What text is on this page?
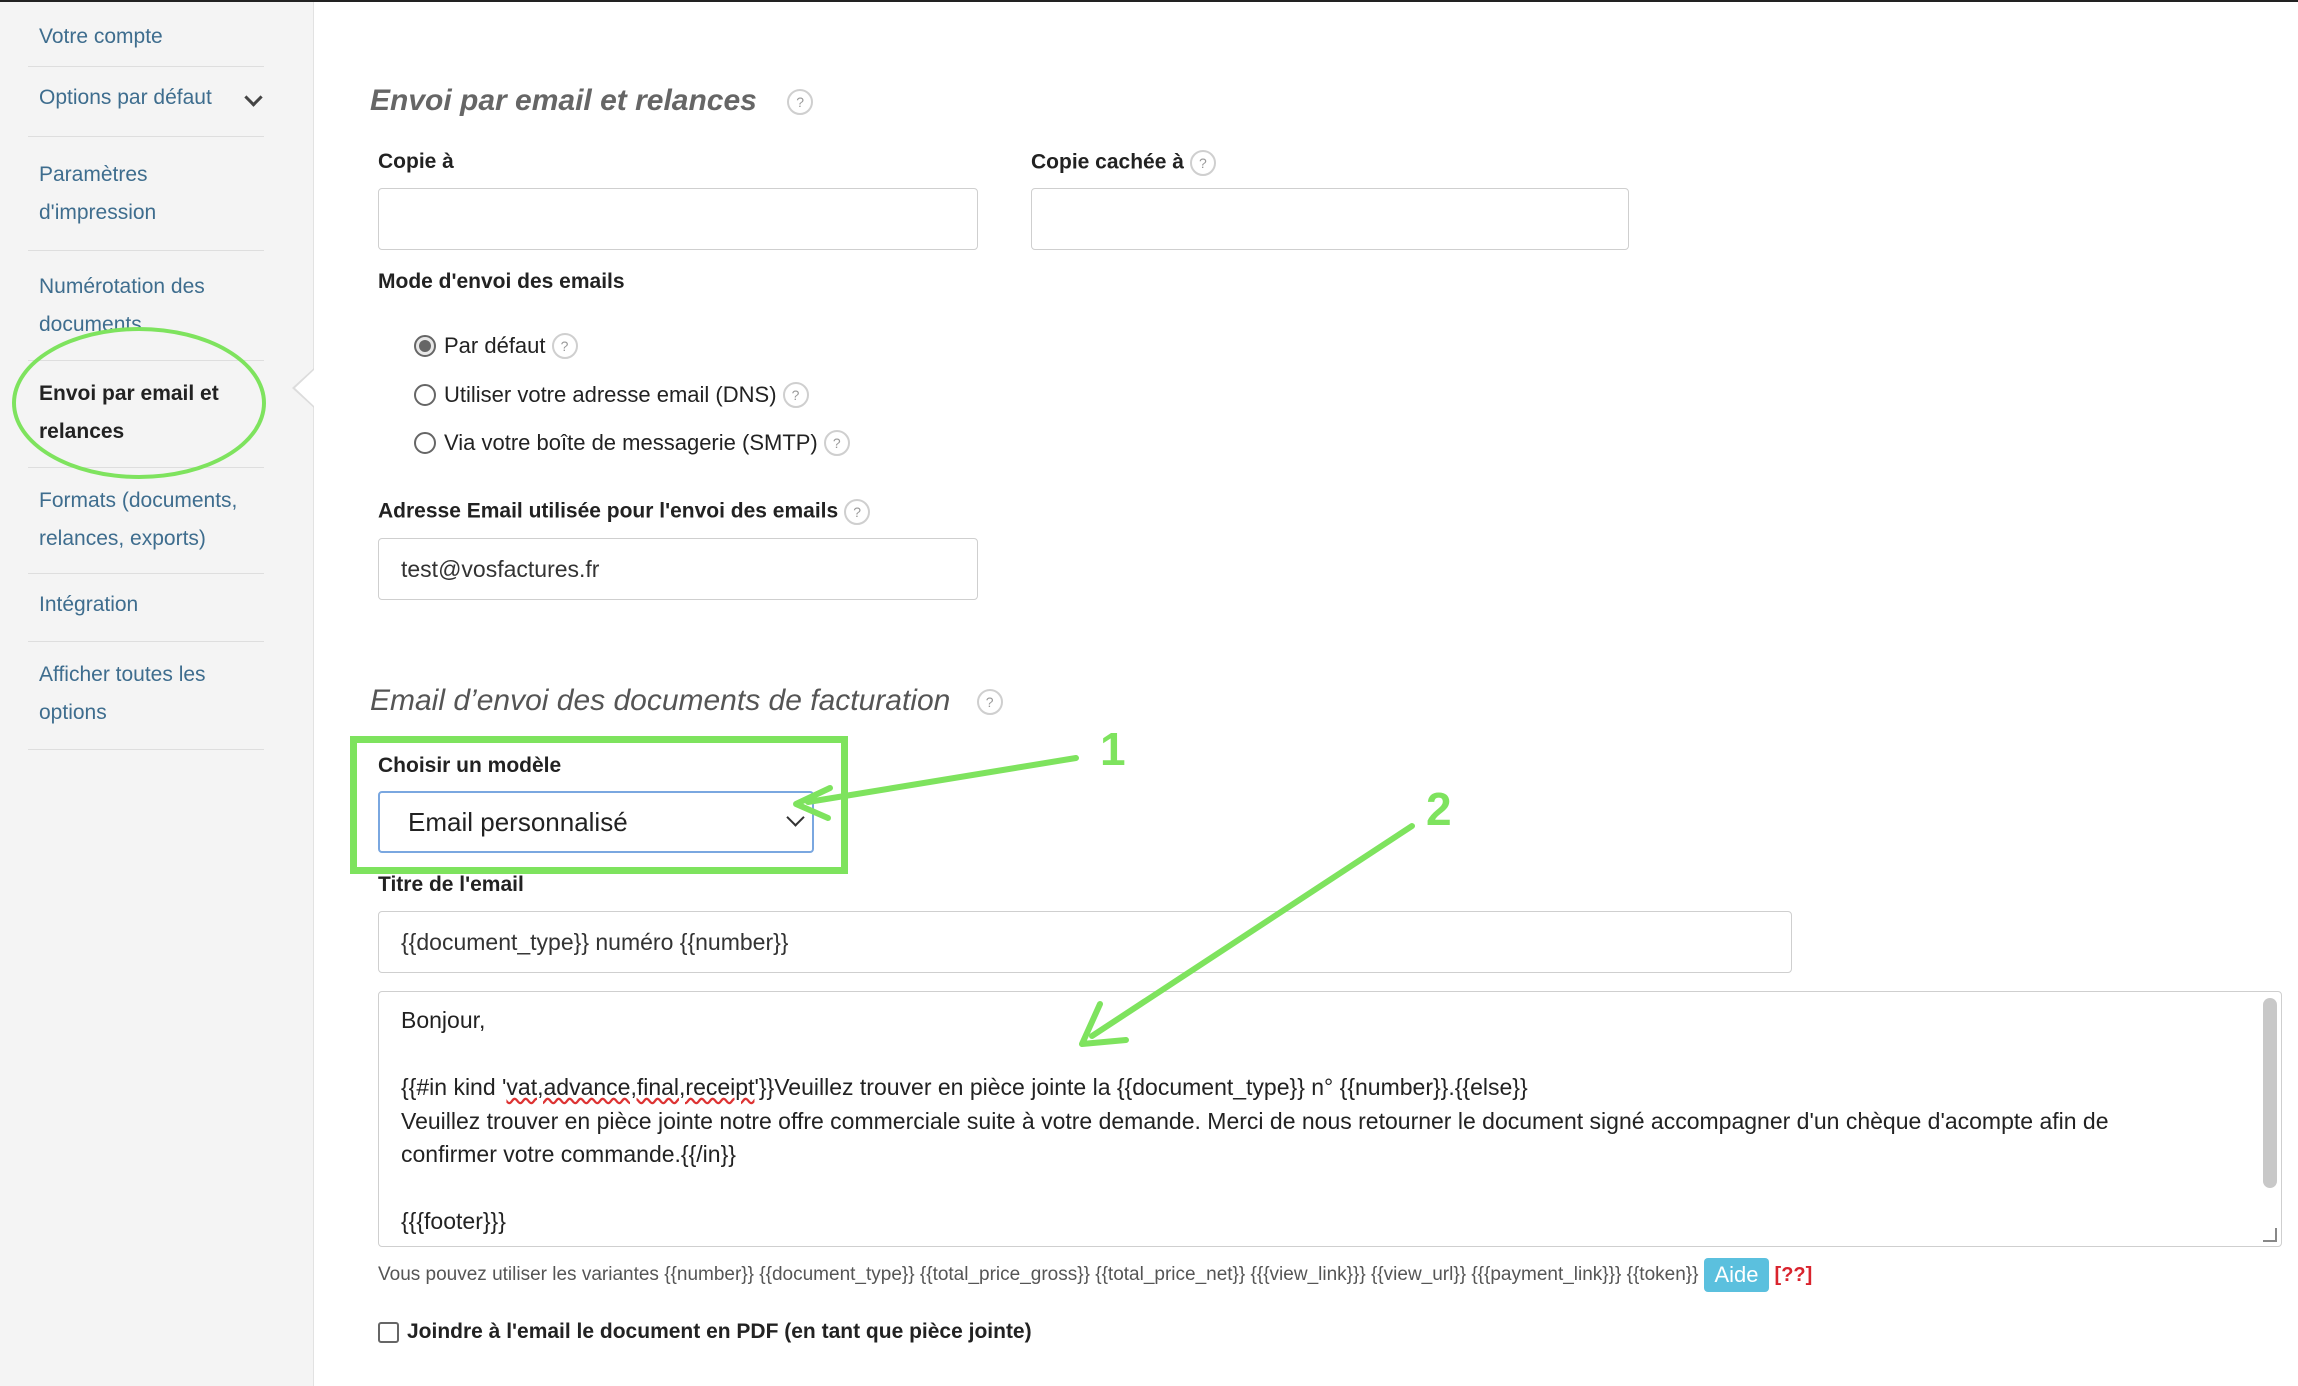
Votre compte
Options par défaut
Paramètres d'impression
Numérotation des documents
Envoi par email et relances
Formats (documents, relances, exports)
Intégration
Afficher toutes les options
Envoi par email et relances	?
Copie à	Copie cachée à ?
Mode d'envoi des emails
Par défaut	?
Utiliser votre adresse email (DNS)	?
Via votre boîte de messagerie (SMTP)	?
Adresse Email utilisée pour l'envoi des emails ?
test@vosfactures.fr
Email d’envoi des documents de facturation	?
Choisir un modèle
Email personnalisé
Titre de l'email
{{document_type}} numéro {{number}}

Bonjour,

{{#in kind 'vat,advance,final,receipt'}}Veuillez trouver en pièce jointe la {{document_type}} n° {{number}}.{{else}}

Veuillez trouver en pièce jointe notre offre commerciale suite à votre demande. Merci de nous retourner le document signé accompagner d'un chèque d'acompte afin de

confirmer votre commande.{{/in}}

{{{footer}}}

Vous pouvez utiliser les variantes {{number}} {{document_type}} {{total_price_gross}} {{total_price_net}} {{{view_link}}} {{view_url}} {{{payment_link}}} {{token}} Aide [??]
Joindre à l'email le document en PDF (en tant que pièce jointe)
1
2
